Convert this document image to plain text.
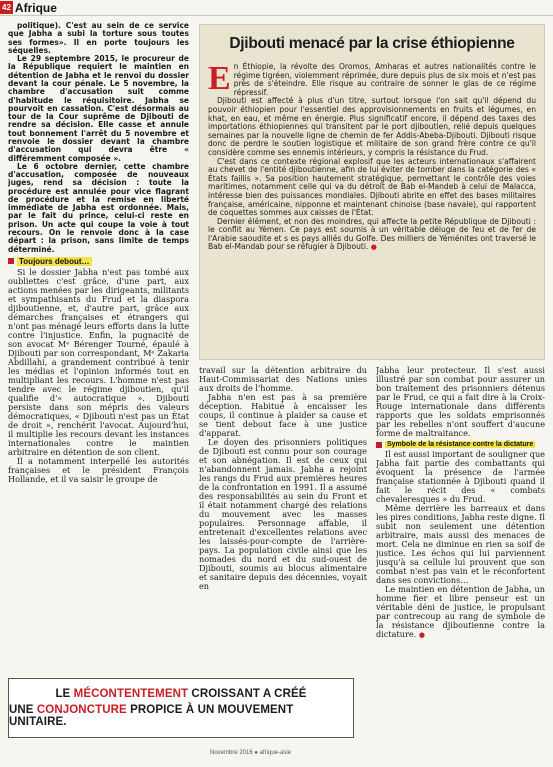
42 Afrique

politique). C'est au sein de ce service que Jabha a subi la torture sous toutes ses formes». Il en porte toujours les séquelles.

Le 29 septembre 2015, le procureur de la République requiert le maintien en détention de Jabha et le renvoi du dossier devant la cour pénale. Le 5 novembre, la chambre d'accusation suit comme d'habitude le réquisitoire. Jabha se pourvoit en cassation. C'est désormais au tour de la Cour suprême de Djibouti de rendre sa décision. Elle casse et annule tout bonnement l'arrêt du 5 novembre et renvoie le dossier devant la chambre d'accusation qui devra être « différemment composée ».

Le 6 octobre dernier, cette chambre d'accusation, composée de nouveaux juges, rend sa décision : toute la procédure est annulée pour vice flagrant de procédure et la remise en liberté immédiate de Jabha est ordonnée. Mais, par le fait du prince, celui-ci reste en prison. Un acte qui coupe la voie à tout recours. On le renvoie donc à la case départ : la prison, sans limite de temps déterminé.

Toujours debout…

Si le dossier Jabha n'est pas tombé aux oubliettes c'est grâce, d'une part, aux actions menées par les dirigeants, militants et sympathisants du Frud et la diaspora djiboutienne, et, d'autre part, grâce aux démarches françaises et étrangers qui n'ont pas ménagé leurs efforts dans la lutte contre l'injustice. Enfin, la pugnacité de son avocat Mᵉ Bérenger Tourné, épaulé à Djibouti par son correspondant, Mᵉ Zakaria Abdillahi, a grandement contribué à tenir les médias et l'opinion informés tout en multipliant les recours. L'homme n'est pas tendre avec le régime djiboutien, qu'il qualifie d'« autocratique ». Djibouti persiste dans son mépris des valeurs démocratiques, « Djibouti n'est pas un État de droit », renchérit l'avocat. Aujourd'hui, il multiplie les recours devant les instances internationales contre le maintien arbitraire en détention de son client.

Il a notamment interpellé les autorités françaises et le président François Hollande, et il va saisir le groupe de

Djibouti menacé par la crise éthiopienne

En Éthiopie, la révolte des Oromos, Amharas et autres nationalités contre le régime tigréen, violemment réprimée, dure depuis plus de six mois et n'est pas près de s'éteindre. Elle risque au contraire de sonner le glas de ce régime répressif.

Djibouti est affecté à plus d'un titre, surtout lorsque l'on sait qu'il dépend du pouvoir éthiopien pour l'essentiel des approvisionnements en fruits et légumes, en khat, en eau, et même en énergie. Plus significatif encore, il dépend des taxes des importations éthiopiennes qui transitent par le port djiboutien, relié depuis quelques semaines par la nouvelle ligne de chemin de fer Addis-Abeba-Djibouti. Djibouti risque donc de perdre le soutien logistique et militaire de son grand frère contre ce qu'il considère comme ses ennemis intérieurs, y compris la résistance du Frud.

C'est dans ce contexte régional explosif que les acteurs internationaux s'affairent au chevet de l'entité djiboutienne, afin de lui éviter de tomber dans la catégorie des « États faillis ». Sa position hautement stratégique, permettant le contrôle des voies maritimes, notamment celle qui va du détroit de Bab el-Mandeb à celui de Malacca, intéresse bien des puissances mondiales. Djibouti abrite en effet des bases militaires française, américaine, nipponne et maintenant chinoise (base navale), qui rapportent de coquettes sommes aux caisses de l'État.

Dernier élément, et non des moindres, qui affecte la petite République de Djibouti : le conflit au Yémen. Ce pays est soumis à un véritable déluge de feu et de fer de l'Arabie saoudite et s es pays alliés du Golfe. Des milliers de Yéménites ont traversé le Bab el-Mandab pour se réfugier à Djibouti. ●

travail sur la détention arbitraire du Haut-Commissariat des Nations unies aux droits de l'homme.

Jabha n'en est pas à sa première déception. Habitué à encaisser les coups, il continue à plaider sa cause et se tient debout face à une justice d'apparat.

Le doyen des prisonniers politiques de Djibouti est connu pour son courage et son abnégation. Il est de ceux qui n'abandonnent jamais. Jabha a rejoint les rangs du Frud aux premières heures de la confrontation en 1991. Il a assumé des responsabilités au sein du Front et il était notamment chargé des relations du mouvement avec les masses populaires. Personnage affable, il entretenait d'excellentes relations avec les laissés-pour-compte de l'arrière-pays. La population civile ainsi que les nomades du nord et du sud-ouest de Djibouti, soumis au blocus alimentaire et sanitaire depuis des décennies, voyait en

Jabha leur protecteur. Il s'est aussi illustré par son combat pour assurer un bon traitement des prisonniers détenus par le Frud, ce qui a fait dire à la Croix-Rouge internationale dans différents rapports que les soldats emprisonnés par les rebelles n'ont souffert d'aucune forme de maltraitance.

Symbole de la résistance contre la dictature

Il est aussi important de souligner que Jabha fait partie des combattants qui évoquent la présence de l'armée française stationnée à Djibouti quand il fait le récit des « combats chevaleresques » du Frud.

Même derrière les barreaux et dans les pires conditions, Jabha reste digne. Il subit non seulement une détention arbitraire, mais aussi des menaces de mort. Cela ne diminue en rien sa soif de justice. Les échos qui lui parviennent jusqu'à sa cellule lui prouvent que son combat n'est pas vain et le réconfortent dans ses convictions…

Le maintien en détention de Jabha, un homme fier et libre penseur est un véritable déni de justice, le propulsant par contrecoup au rang de symbole de la résistance djiboutienne contre la dictature. ●

LE MÉCONTENTEMENT CROISSANT A CRÉÉ
UNE CONJONCTURE PROPICE À UN MOUVEMENT UNITAIRE.
Novembre 2016 ● afrique-asie
